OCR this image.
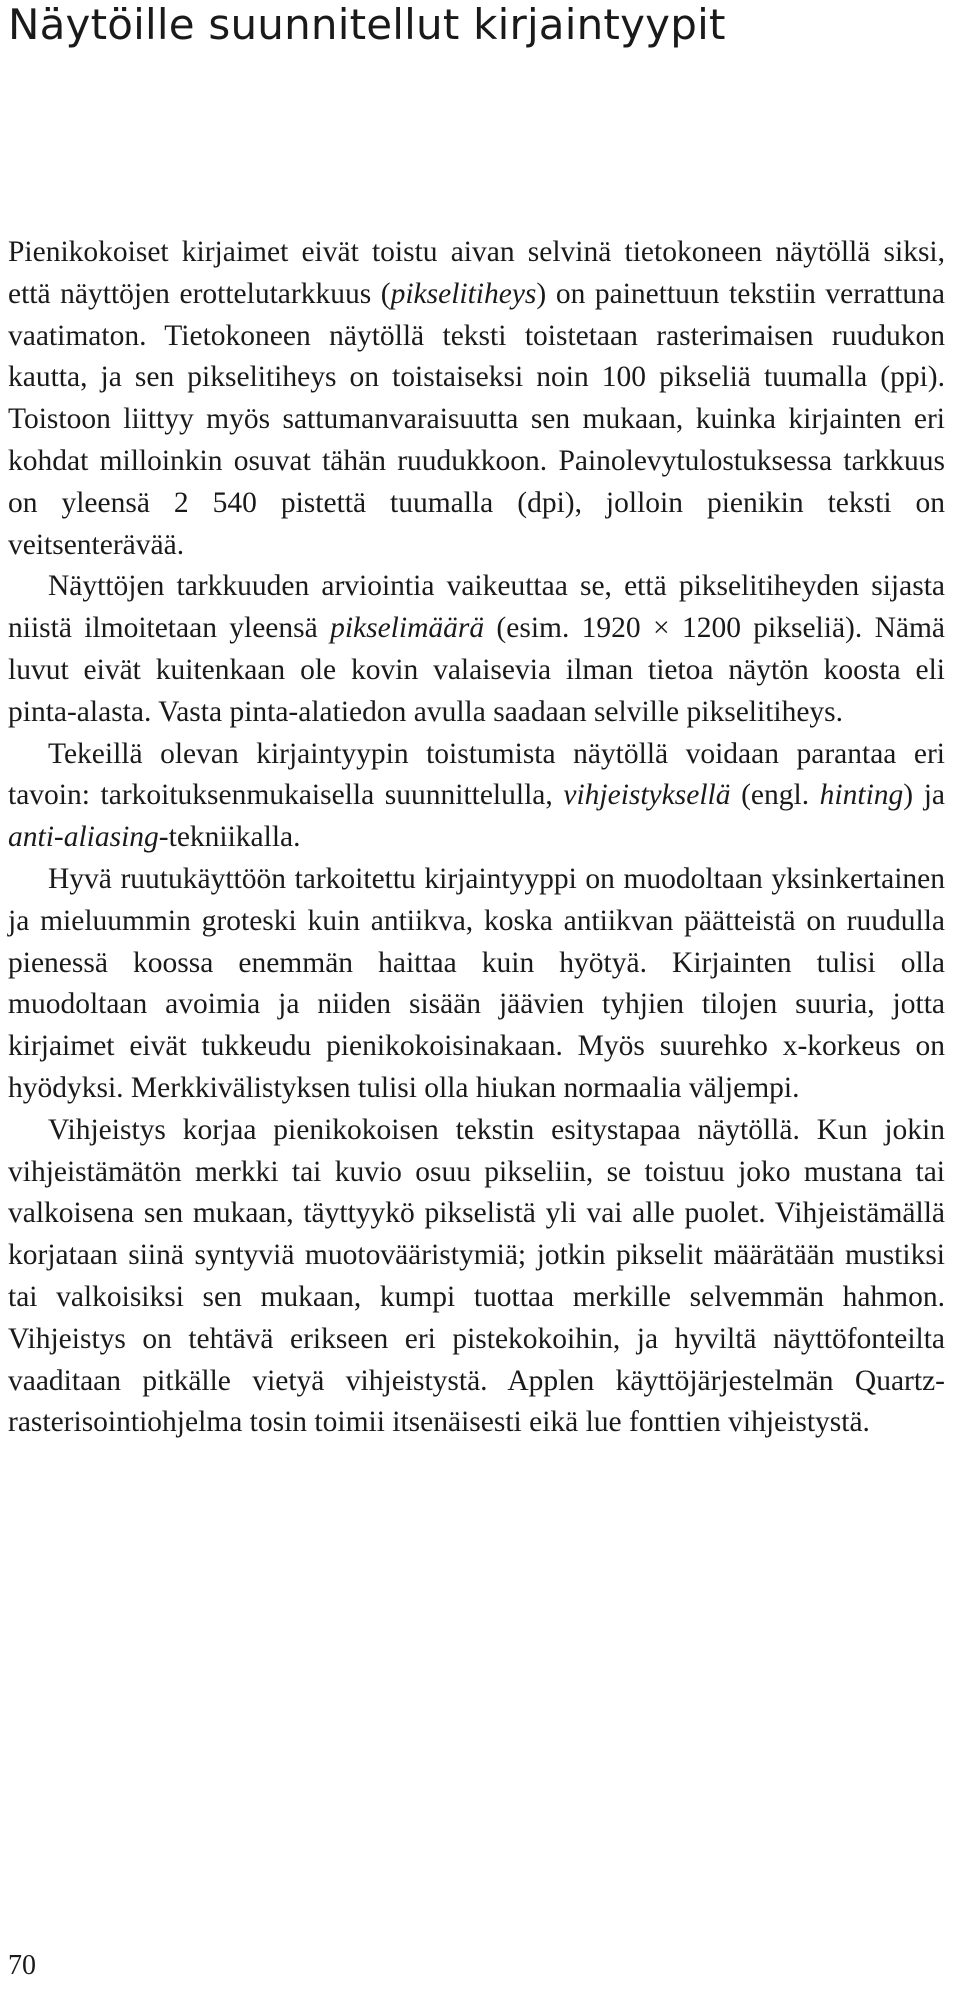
Näytöille suunnitellut kirjaintyypit

Pienikokoiset kirjaimet eivät toistu aivan selvinä tietokoneen näytöllä siksi, että näyttöjen erottelutarkkuus (pikselitiheys) on painettuun tekstiin verrattuna vaatimaton. Tietokoneen näytöllä teksti toistetaan rasterimaisen ruudukon kautta, ja sen pikselitiheys on toistaiseksi noin 100 pikseliä tuumalla (ppi). Toistoon liittyy myös sattumanvaraisuutta sen mukaan, kuinka kirjainten eri kohdat milloinkin osuvat tähän ruudukkoon. Painolevytulostuksessa tarkkuus on yleensä 2 540 pistettä tuumalla (dpi), jolloin pienikin teksti on veitsenterävää.

Näyttöjen tarkkuuden arviointia vaikeuttaa se, että pikselitiheyden sijasta niistä ilmoitetaan yleensä pikselimäärä (esim. 1920 × 1200 pikseliä). Nämä luvut eivät kuitenkaan ole kovin valaisevia ilman tietoa näytön koosta eli pinta-alasta. Vasta pinta-alatiedon avulla saadaan selville pikselitiheys.

Tekeillä olevan kirjaintyypin toistumista näytöllä voidaan parantaa eri tavoin: tarkoituksenmukaisella suunnittelulla, vihjeistyksellä (engl. hinting) ja anti-aliasing-tekniikalla.

Hyvä ruutukäyttöön tarkoitettu kirjaintyyppi on muodoltaan yksinkertainen ja mieluummin groteski kuin antiikva, koska antiikvan päätteistä on ruudulla pienessä koossa enemmän haittaa kuin hyötyä. Kirjainten tulisi olla muodoltaan avoimia ja niiden sisään jäävien tyhjien tilojen suuria, jotta kirjaimet eivät tukkeudu pienikokoisinakaan. Myös suurehko x-korkeus on hyödyksi. Merkkivälistyksen tulisi olla hiukan normaalia väljempi.

Vihjeistys korjaa pienikokoisen tekstin esitystapaa näytöllä. Kun jokin vihjeistämätön merkki tai kuvio osuu pikseliin, se toistuu joko mustana tai valkoisena sen mukaan, täyttyykö pikselistä yli vai alle puolet. Vihjeistämällä korjataan siinä syntyviä muotovääristymiä; jotkin pikselit määrätään mustiksi tai valkoisiksi sen mukaan, kumpi tuottaa merkille selvemmän hahmon. Vihjeistys on tehtävä erikseen eri pistekokoihin, ja hyviltä näyttöfonteilta vaaditaan pitkälle vietyä vihjeistystä. Applen käyttöjärjestelmän Quartz-rasterisointiohjelma tosin toimii itsenäisesti eikä lue fonttien vihjeistystä.

70
